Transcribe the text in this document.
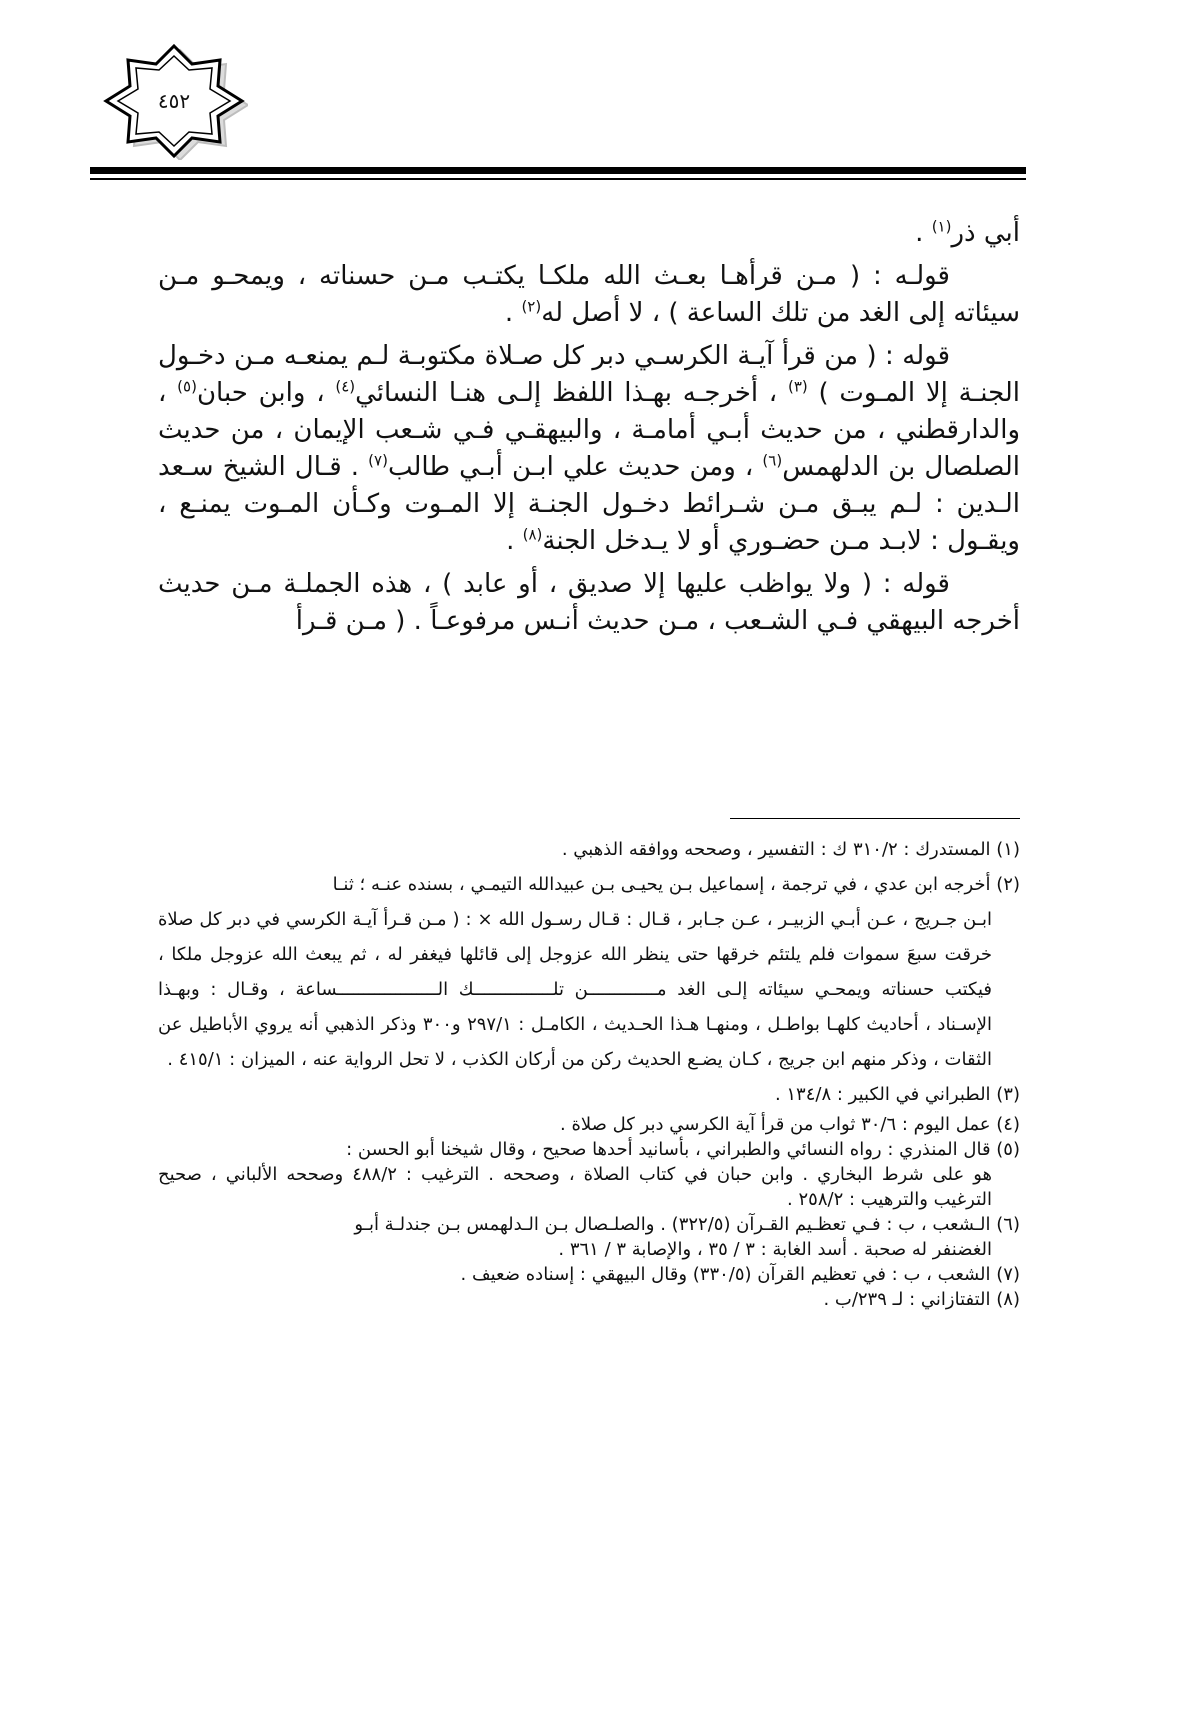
٤٥٢

أبي ذر$^{(١)}$ .

قولـه : ( مـن قرأهـا بعـث الله ملكـا يكتـب مـن حسناته ، ويمحـو مـن سيئاته إلى الغد من تلك الساعة ) ، لا أصل له$^{(٢)}$ .

قوله : ( من قرأ آيـة الكرسـي دبر كل صـلاة مكتوبـة لـم يمنعـه مـن دخـول الجنـة إلا المـوت ) $^{(٣)}$ ، أخرجـه بهـذا اللفظ إلـى هنـا النسائي$^{(٤)}$ ، وابن حبان$^{(٥)}$ ، والدارقطني ، من حديث أبـي أمامـة ، والبيهقـي فـي شـعب الإيمان ، من حديث الصلصال بن الدلهمس$^{(٦)}$ ، ومن حديث علي ابـن أبـي طالب$^{(٧)}$ . قـال الشيخ سـعد الـدين : لـم يبـق مـن شـرائط دخـول الجنـة إلا المـوت وكـأن المـوت يمنـع ، ويقـول : لابـد مـن حضـوري أو لا يـدخل الجنة$^{(٨)}$ .

قوله : ( ولا يواظب عليها إلا صديق ، أو عابد ) ، هذه الجملـة مـن حديث أخرجه البيهقي فـي الشـعب ، مـن حديث أنـس مرفوعـاً . ( مـن قـرأ

(١) المستدرك : ٣١٠/٢ ك : التفسير ، وصححه ووافقه الذهبي .

(٢) أخرجه ابن عدي ، في ترجمة ، إسماعيل بـن يحيـى بـن عبيدالله التيمـي ، بسنده عنـه ؛ ثنـا
ابـن جـريج ، عـن أبـي الزبيـر ، عـن جـابر ، قـال : قـال رسـول الله × : ( مـن قـرأ آيـة الكرسي في دبر كل صلاة خرقت سبعَ سموات فلم يلتئم خرقها حتى ينظر الله عزوجل إلى قائلها فيغفر له ، ثم يبعث الله عزوجل ملكا ، فيكتب حسناته ويمحـي سيئاته إلـى الغد مـــــــــــــن تلـــــــــــــــك الـــــــــــــــــــساعة ، وقـال : وبهـذا الإسـناد ، أحاديث كلهـا بواطـل ، ومنهـا هـذا الحـديث ، الكامـل : ٢٩٧/١ و٣٠٠ وذكر الذهبي أنه يروي الأباطيل عن الثقات ، وذكر منهم ابن جريج ، كـان يضـع الحديث ركن من أركان الكذب ، لا تحل الرواية عنه ، الميزان : ٤١٥/١ .

(٣) الطبراني في الكبير : ١٣٤/٨ .

(٤) عمل اليوم : ٣٠/٦ ثواب من قرأ آية الكرسي دبر كل صلاة .

(٥) قال المنذري : رواه النسائي والطبراني ، بأسانيد أحدها صحيح ، وقال شيخنا أبو الحسن :
هو على شرط البخاري . وابن حبان في كتاب الصلاة ، وصححه . الترغيب : ٤٨٨/٢ وصححه الألباني ، صحيح الترغيب والترهيب : ٢٥٨/٢ .

(٦) الـشعب ، ب : فـي تعظـيم القـرآن (٣٢٢/٥) . والصلـصال بـن الـدلهمس بـن جندلـة أبـو
الغضنفر له صحبة . أسد الغابة : ٣ / ٣٥ ، والإصابة ٣ / ٣٦١ .

(٧) الشعب ، ب : في تعظيم القرآن (٣٣٠/٥) وقال البيهقي : إسناده ضعيف .

(٨) التفتازاني : لـ ٢٣٩/ب .
